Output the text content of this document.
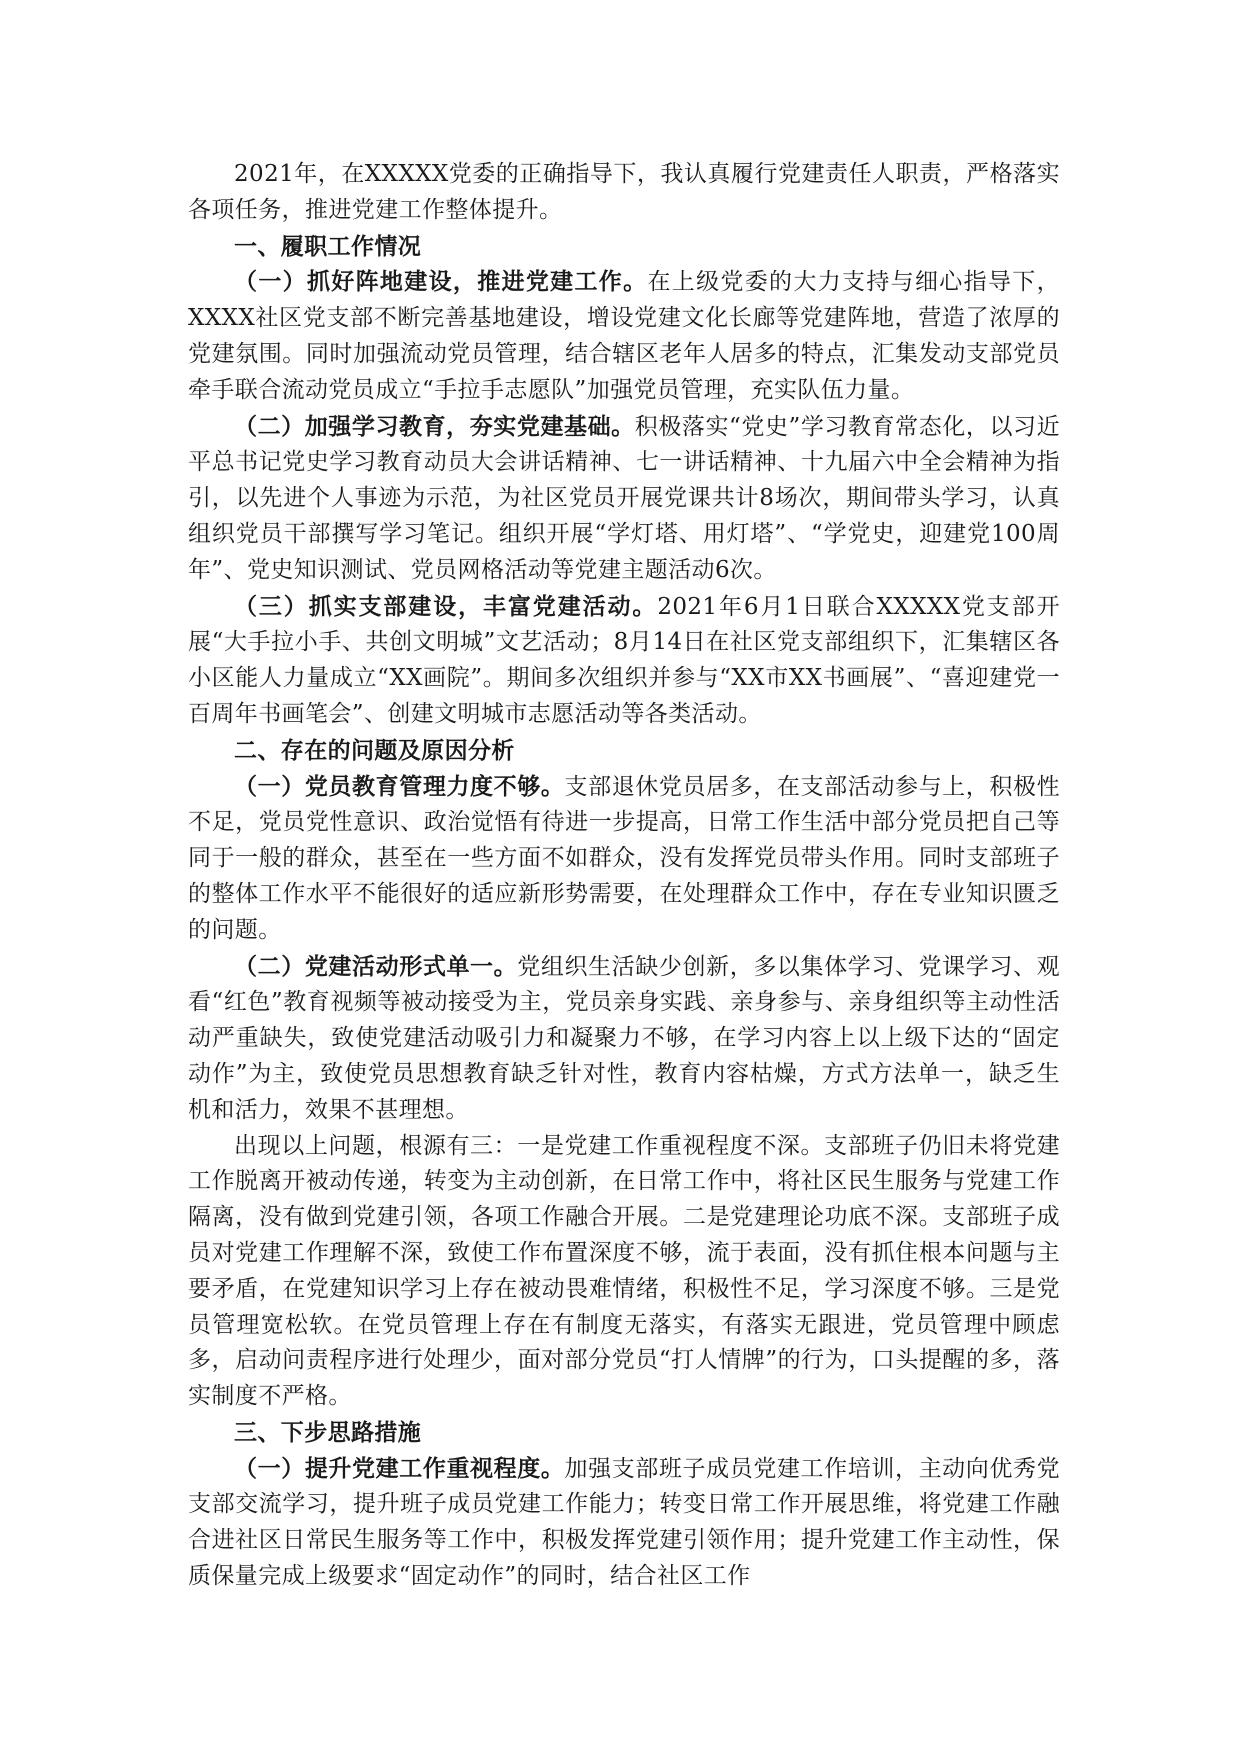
2021年，在XXXXX党委的正确指导下，我认真履行党建责任人职责，严格落实各项任务，推进党建工作整体提升。

一、履职工作情况

（一）抓好阵地建设，推进党建工作。在上级党委的大力支持与细心指导下，XXXX社区党支部不断完善基地建设，增设党建文化长廊等党建阵地，营造了浓厚的党建氛围。同时加强流动党员管理，结合辖区老年人居多的特点，汇集发动支部党员牵手联合流动党员成立“手拉手志愿队”加强党员管理，充实队伍力量。

（二）加强学习教育，夯实党建基础。积极落实“党史”学习教育常态化，以习近平总书记党史学习教育动员大会讲话精神、七一讲话精神、十九届六中全会精神为指引，以先进个人事迹为示范，为社区党员开展党课共计8场次，期间带头学习，认真组织党员干部撰写学习笔记。组织开展“学灯塔、用灯塔”、“学党史，迎建党100周年”、党史知识测试、党员网格活动等党建主题活动6次。

（三）抓实支部建设，丰富党建活动。2021年6月1日联合XXXXX党支部开展“大手拉小手、共创文明城”文艺活动；8月14日在社区党支部组织下，汇集辖区各小区能人力量成立“XX画院”。期间多次组织并参与“XX市XX书画展”、“喜迎建党一百周年书画笔会”、创建文明城市志愿活动等各类活动。

二、存在的问题及原因分析

（一）党员教育管理力度不够。支部退休党员居多，在支部活动参与上，积极性不足，党员党性意识、政治觉悟有待进一步提高，日常工作生活中部分党员把自己等同于一般的群众，甚至在一些方面不如群众，没有发挥党员带头作用。同时支部班子的整体工作水平不能很好的适应新形势需要，在处理群众工作中，存在专业知识匮乏的问题。

（二）党建活动形式单一。党组织生活缺少创新，多以集体学习、党课学习、观看“红色”教育视频等被动接受为主，党员亲身实践、亲身参与、亲身组织等主动性活动严重缺失，致使党建活动吸引力和凝聚力不够，在学习内容上以上级下达的“固定动作”为主，致使党员思想教育缺乏针对性，教育内容枯燥，方式方法单一，缺乏生机和活力，效果不甚理想。

出现以上问题，根源有三：一是党建工作重视程度不深。支部班子仍旧未将党建工作脱离开被动传递，转变为主动创新，在日常工作中，将社区民生服务与党建工作隔离，没有做到党建引领，各项工作融合开展。二是党建理论功底不深。支部班子成员对党建工作理解不深，致使工作布置深度不够，流于表面，没有抓住根本问题与主要矛盾，在党建知识学习上存在被动畏难情绪，积极性不足，学习深度不够。三是党员管理宽松软。在党员管理上存在有制度无落实，有落实无跟进，党员管理中顾虑多，启动问责程序进行处理少，面对部分党员“打人情牌”的行为，口头提醒的多，落实制度不严格。

三、下步思路措施

（一）提升党建工作重视程度。加强支部班子成员党建工作培训，主动向优秀党支部交流学习，提升班子成员党建工作能力；转变日常工作开展思维，将党建工作融合进社区日常民生服务等工作中，积极发挥党建引领作用；提升党建工作主动性，保质保量完成上级要求“固定动作”的同时，结合社区工作
